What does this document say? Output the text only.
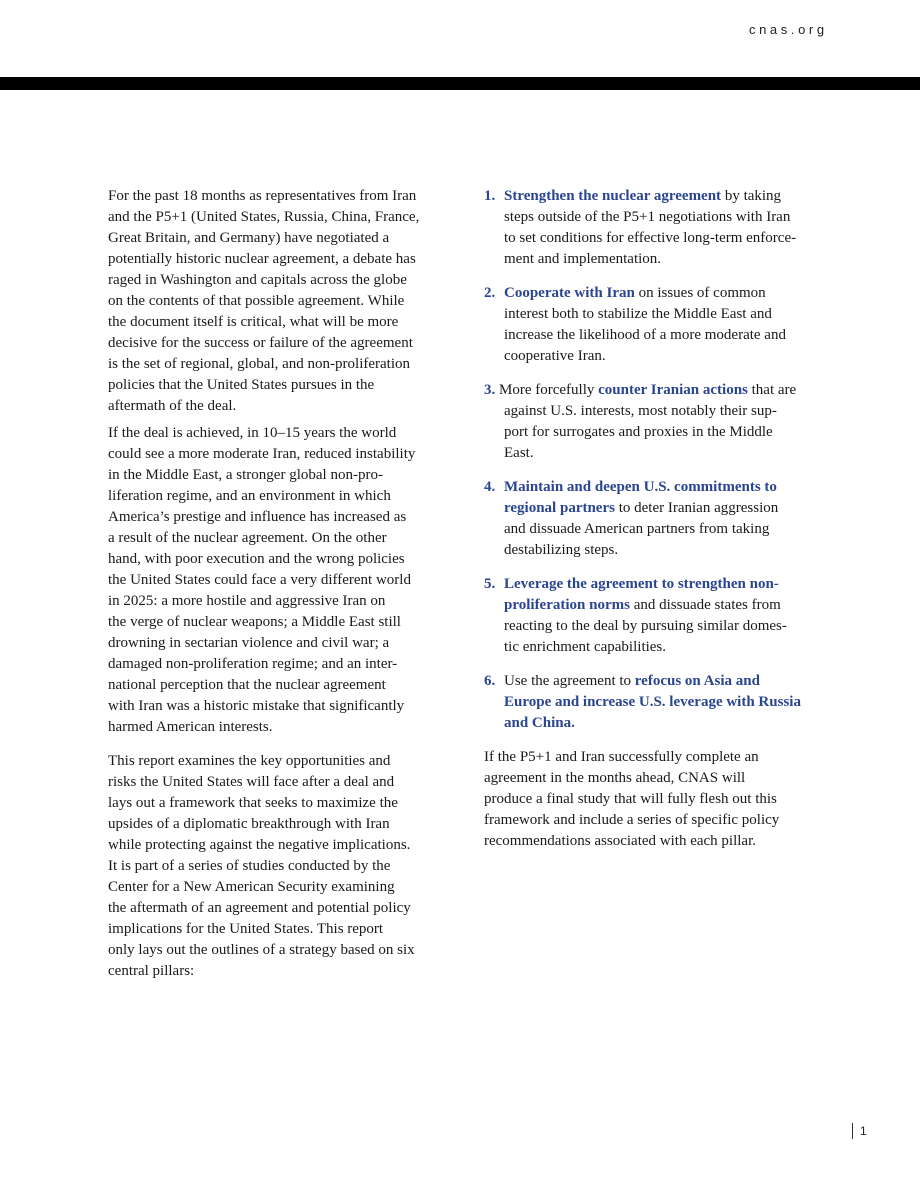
cnas.org

For the past 18 months as representatives from Iran

and the P5+1 (United States, Russia, China, France,

Great Britain, and Germany) have negotiated a

potentially historic nuclear agreement, a debate has

raged in Washington and capitals across the globe

on the contents of that possible agreement. While

the document itself is critical, what will be more

decisive for the success or failure of the agreement

is the set of regional, global, and non-proliferation

policies that the United States pursues in the

aftermath of the deal.

If the deal is achieved, in 10–15 years the world

could see a more moderate Iran, reduced instability

in the Middle East, a stronger global non-pro-

liferation regime, and an environment in which

America’s prestige and influence has increased as

a result of the nuclear agreement. On the other

hand, with poor execution and the wrong policies

the United States could face a very different world

in 2025: a more hostile and aggressive Iran on

the verge of nuclear weapons; a Middle East still

drowning in sectarian violence and civil war; a

damaged non-proliferation regime; and an inter-

national perception that the nuclear agreement

with Iran was a historic mistake that significantly

harmed American interests.

This report examines the key opportunities and

risks the United States will face after a deal and

lays out a framework that seeks to maximize the

upsides of a diplomatic breakthrough with Iran

while protecting against the negative implications.

It is part of a series of studies conducted by the

Center for a New American Security examining

the aftermath of an agreement and potential policy

implications for the United States. This report

only lays out the outlines of a strategy based on six

central pillars:

1. Strengthen the nuclear agreement by taking

steps outside of the P5+1 negotiations with Iran

to set conditions for effective long-term enforce-

ment and implementation.

2. Cooperate with Iran on issues of common

interest both to stabilize the Middle East and

increase the likelihood of a more moderate and

cooperative Iran.

3. More forcefully counter Iranian actions that are

against U.S. interests, most notably their sup-

port for surrogates and proxies in the Middle

East.

4. Maintain and deepen U.S. commitments to

regional partners to deter Iranian aggression

and dissuade American partners from taking

destabilizing steps.

5. Leverage the agreement to strengthen non-

proliferation norms and dissuade states from

reacting to the deal by pursuing similar domes-

tic enrichment capabilities.

6. Use the agreement to refocus on Asia and

Europe and increase U.S. leverage with Russia

and China.

If the P5+1 and Iran successfully complete an

agreement in the months ahead, CNAS will

produce a final study that will fully flesh out this

framework and include a series of specific policy

recommendations associated with each pillar.

1
